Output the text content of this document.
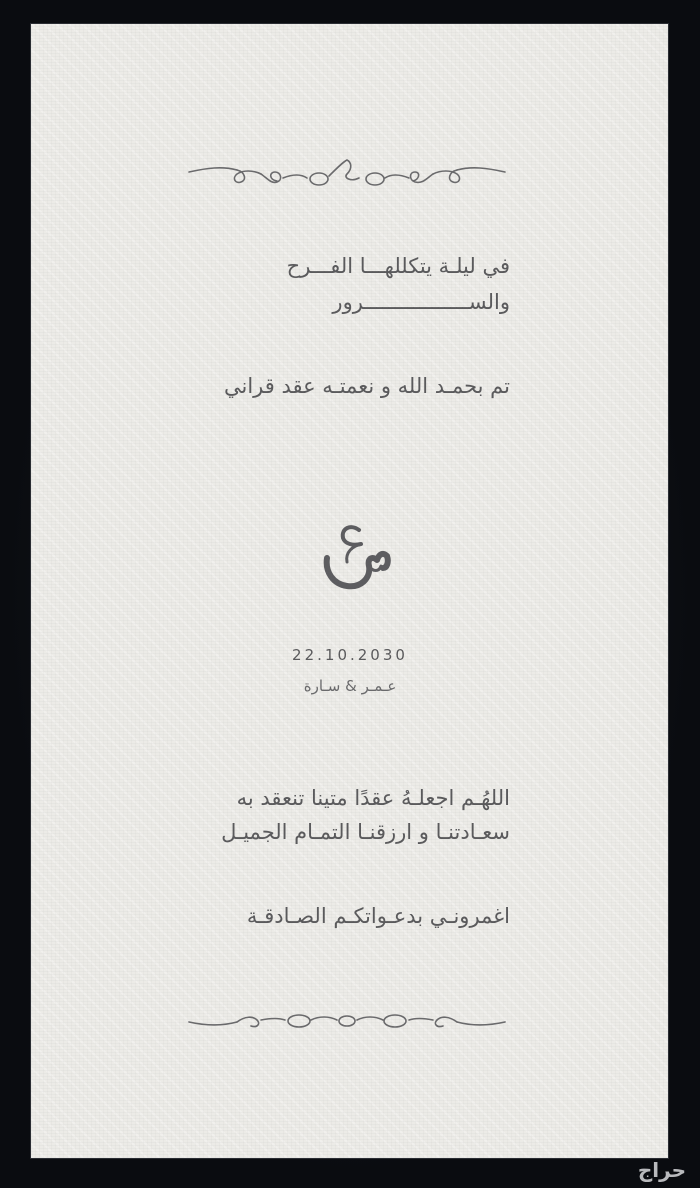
في ليلـة يتكللهـــا الفـــرح
والســـــــــــــــــرور
تم بحمـد الله و نعمتـه عقد قراني
22.10.2030
عـمـر & سـارة
اللهُـم اجعلـهُ عقدًا متينا تنعقد به
سعـادتنـا و ارزقنـا التمـام الجميـل
اغمرونـي بدعـواتكـم الصـادقـة
حراج
